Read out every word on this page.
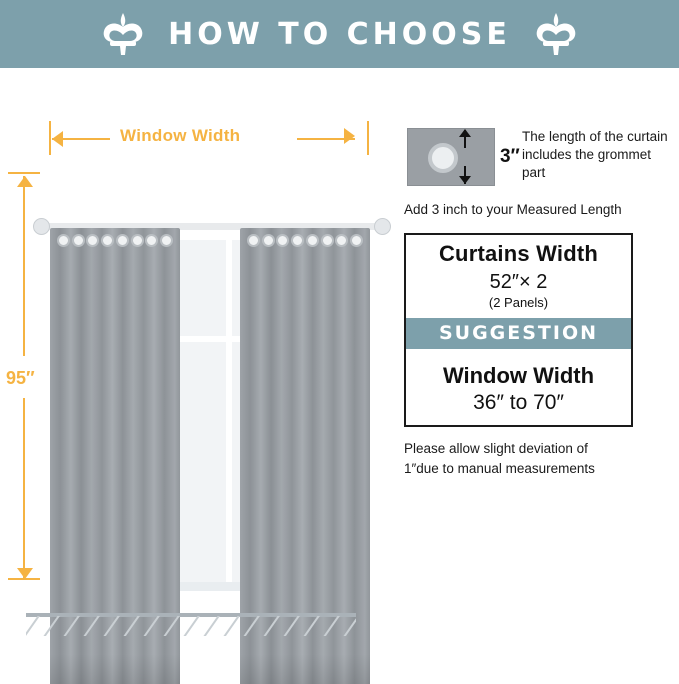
HOW TO CHOOSE
Window Width
95″
3″
The length of the curtain includes the grommet part
Add 3 inch to your Measured Length
Curtains Width
52″× 2
(2 Panels)
SUGGESTION
Window Width
36″ to 70″
Please allow slight deviation of
1″due to manual measurements
